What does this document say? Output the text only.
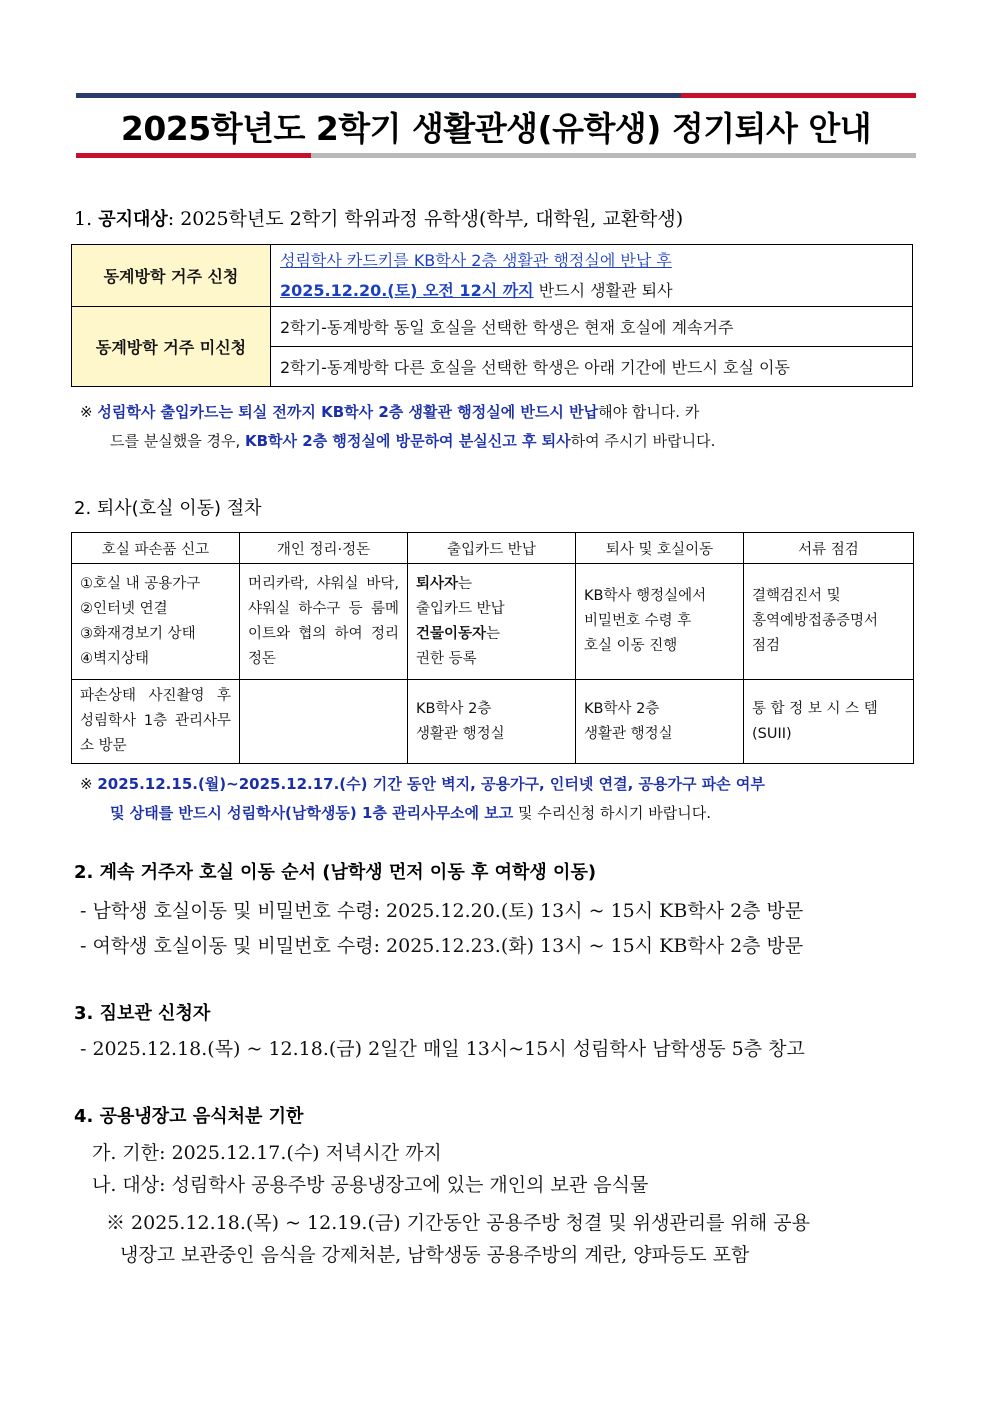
2025학년도 2학기 생활관생(유학생) 정기퇴사 안내
1. 공지대상: 2025학년도 2학기 학위과정 유학생(학부, 대학원, 교환학생)
동계방학 거주 신청	성림학사 카드키를 KB학사 2층 생활관 행정실에 반납 후
2025.12.20.(토) 오전 12시 까지 반드시 생활관 퇴사
동계방학 거주 미신청	2학기-동계방학 동일 호실을 선택한 학생은 현재 호실에 계속거주
	2학기-동계방학 다른 호실을 선택한 학생은 아래 기간에 반드시 호실 이동
※ 성림학사 출입카드는 퇴실 전까지 KB학사 2층 생활관 행정실에 반드시 반납해야 합니다. 카
드를 분실했을 경우, KB학사 2층 행정실에 방문하여 분실신고 후 퇴사하여 주시기 바랍니다.
2. 퇴사(호실 이동) 절차
호실 파손품 신고	개인 정리·정돈	출입카드 반납	퇴사 및 호실이동	서류 점검
①호실 내 공용가구
②인터넷 연결
③화재경보기 상태
④벽지상태	머리카락, 샤워실 바닥, 샤워실 하수구 등 룸메이트와 협의 하여 정리정돈	퇴사자는
출입카드 반납
건물이동자는
권한 등록	KB학사 행정실에서
비밀번호 수령 후
호실 이동 진행	결핵검진서 및
홍역예방접종증명서
점검
파손상태 사진촬영 후 성림학사 1층 관리사무소 방문		KB학사 2층
생활관 행정실	KB학사 2층
생활관 행정실	통 합 정 보 시 스 템
(SUII)
※ 2025.12.15.(월)~2025.12.17.(수) 기간 동안 벽지, 공용가구, 인터넷 연결, 공용가구 파손 여부
및 상태를 반드시 성림학사(남학생동) 1층 관리사무소에 보고 및 수리신청 하시기 바랍니다.
2. 계속 거주자 호실 이동 순서 (남학생 먼저 이동 후 여학생 이동)
- 남학생 호실이동 및 비밀번호 수령: 2025.12.20.(토) 13시 ~ 15시 KB학사 2층 방문
- 여학생 호실이동 및 비밀번호 수령: 2025.12.23.(화) 13시 ~ 15시 KB학사 2층 방문
3. 짐보관 신청자
- 2025.12.18.(목) ~ 12.18.(금) 2일간 매일 13시~15시 성림학사 남학생동 5층 창고
4. 공용냉장고 음식처분 기한
가. 기한: 2025.12.17.(수) 저녁시간 까지
나. 대상: 성림학사 공용주방 공용냉장고에 있는 개인의 보관 음식물
※ 2025.12.18.(목) ~ 12.19.(금) 기간동안 공용주방 청결 및 위생관리를 위해 공용
냉장고 보관중인 음식을 강제처분, 남학생동 공용주방의 계란, 양파등도 포함
